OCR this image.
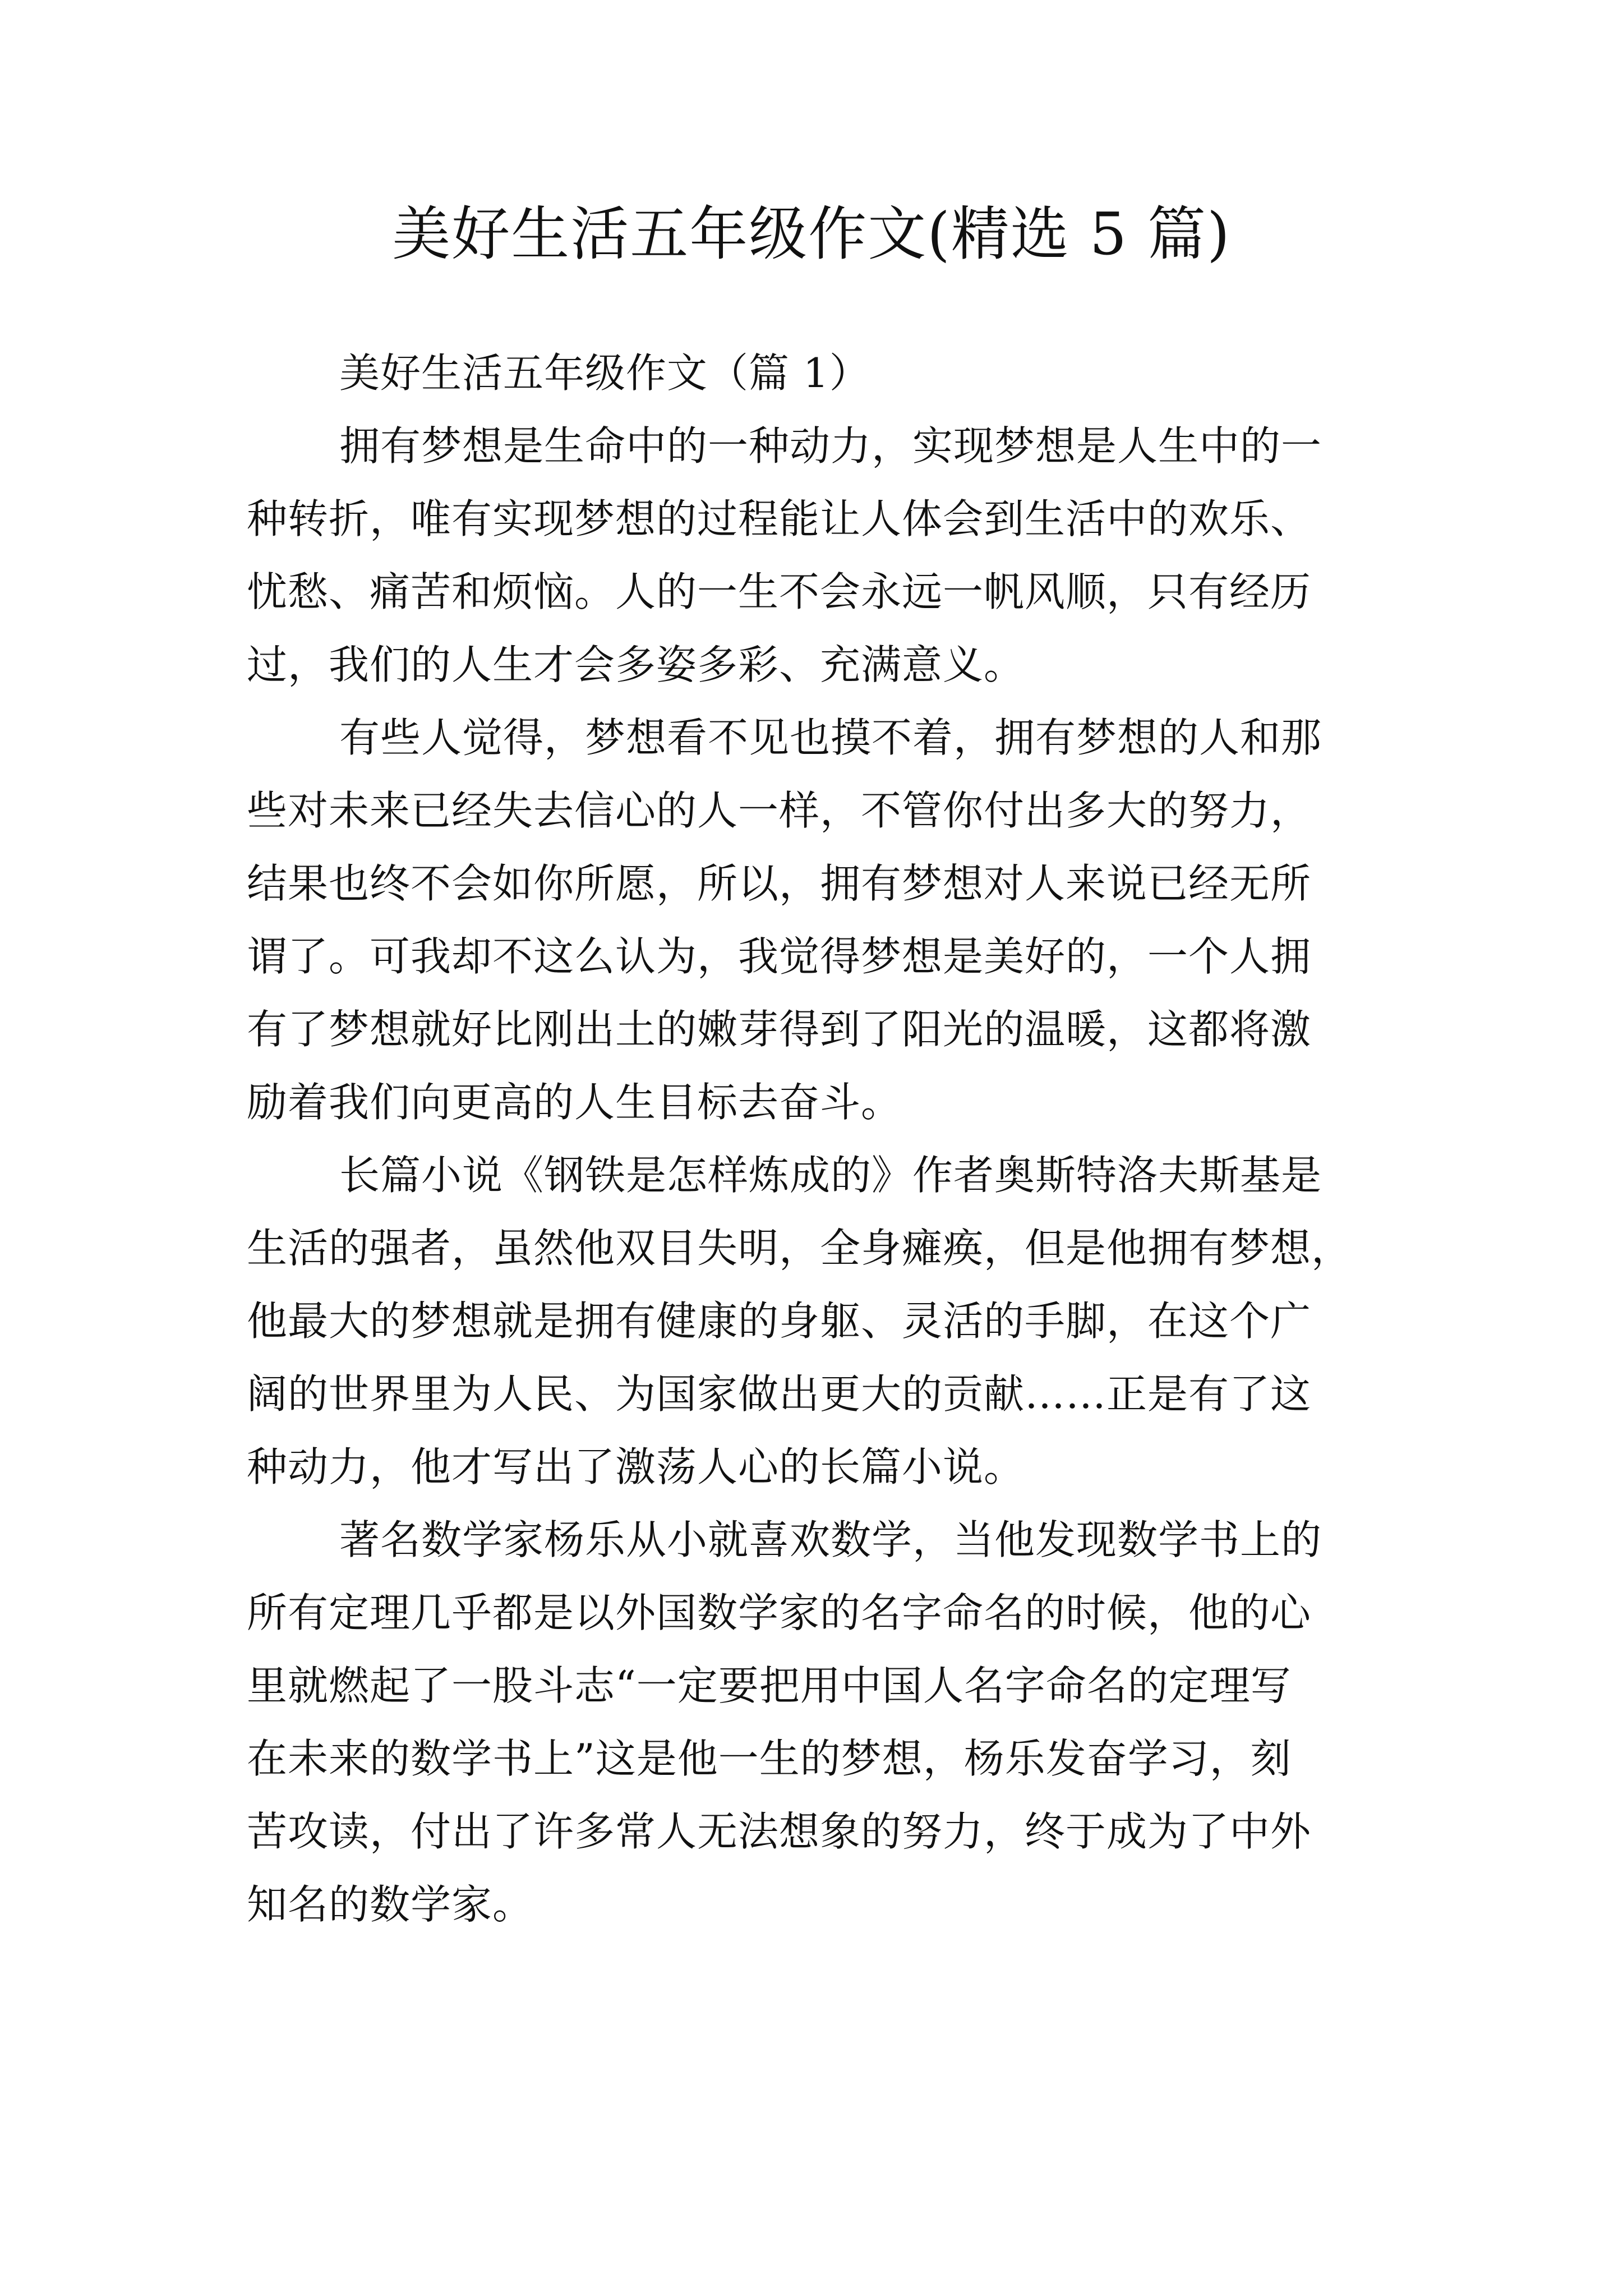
美好生活五年级作文(精选 5 篇)
美好生活五年级作文（篇 1）
拥有梦想是生命中的一种动力，实现梦想是人生中的一
种转折，唯有实现梦想的过程能让人体会到生活中的欢乐、
忧愁、痛苦和烦恼。人的一生不会永远一帆风顺，只有经历
过，我们的人生才会多姿多彩、充满意义。
有些人觉得，梦想看不见也摸不着，拥有梦想的人和那
些对未来已经失去信心的人一样，不管你付出多大的努力，
结果也终不会如你所愿，所以，拥有梦想对人来说已经无所
谓了。可我却不这么认为，我觉得梦想是美好的，一个人拥
有了梦想就好比刚出土的嫩芽得到了阳光的温暖，这都将激
励着我们向更高的人生目标去奋斗。
长篇小说《钢铁是怎样炼成的》作者奥斯特洛夫斯基是
生活的强者，虽然他双目失明，全身瘫痪，但是他拥有梦想，
他最大的梦想就是拥有健康的身躯、灵活的手脚，在这个广
阔的世界里为人民、为国家做出更大的贡献……正是有了这
种动力，他才写出了激荡人心的长篇小说。
著名数学家杨乐从小就喜欢数学，当他发现数学书上的
所有定理几乎都是以外国数学家的名字命名的时候，他的心
里就燃起了一股斗志“一定要把用中国人名字命名的定理写
在未来的数学书上”这是他一生的梦想，杨乐发奋学习，刻
苦攻读，付出了许多常人无法想象的努力，终于成为了中外
知名的数学家。
